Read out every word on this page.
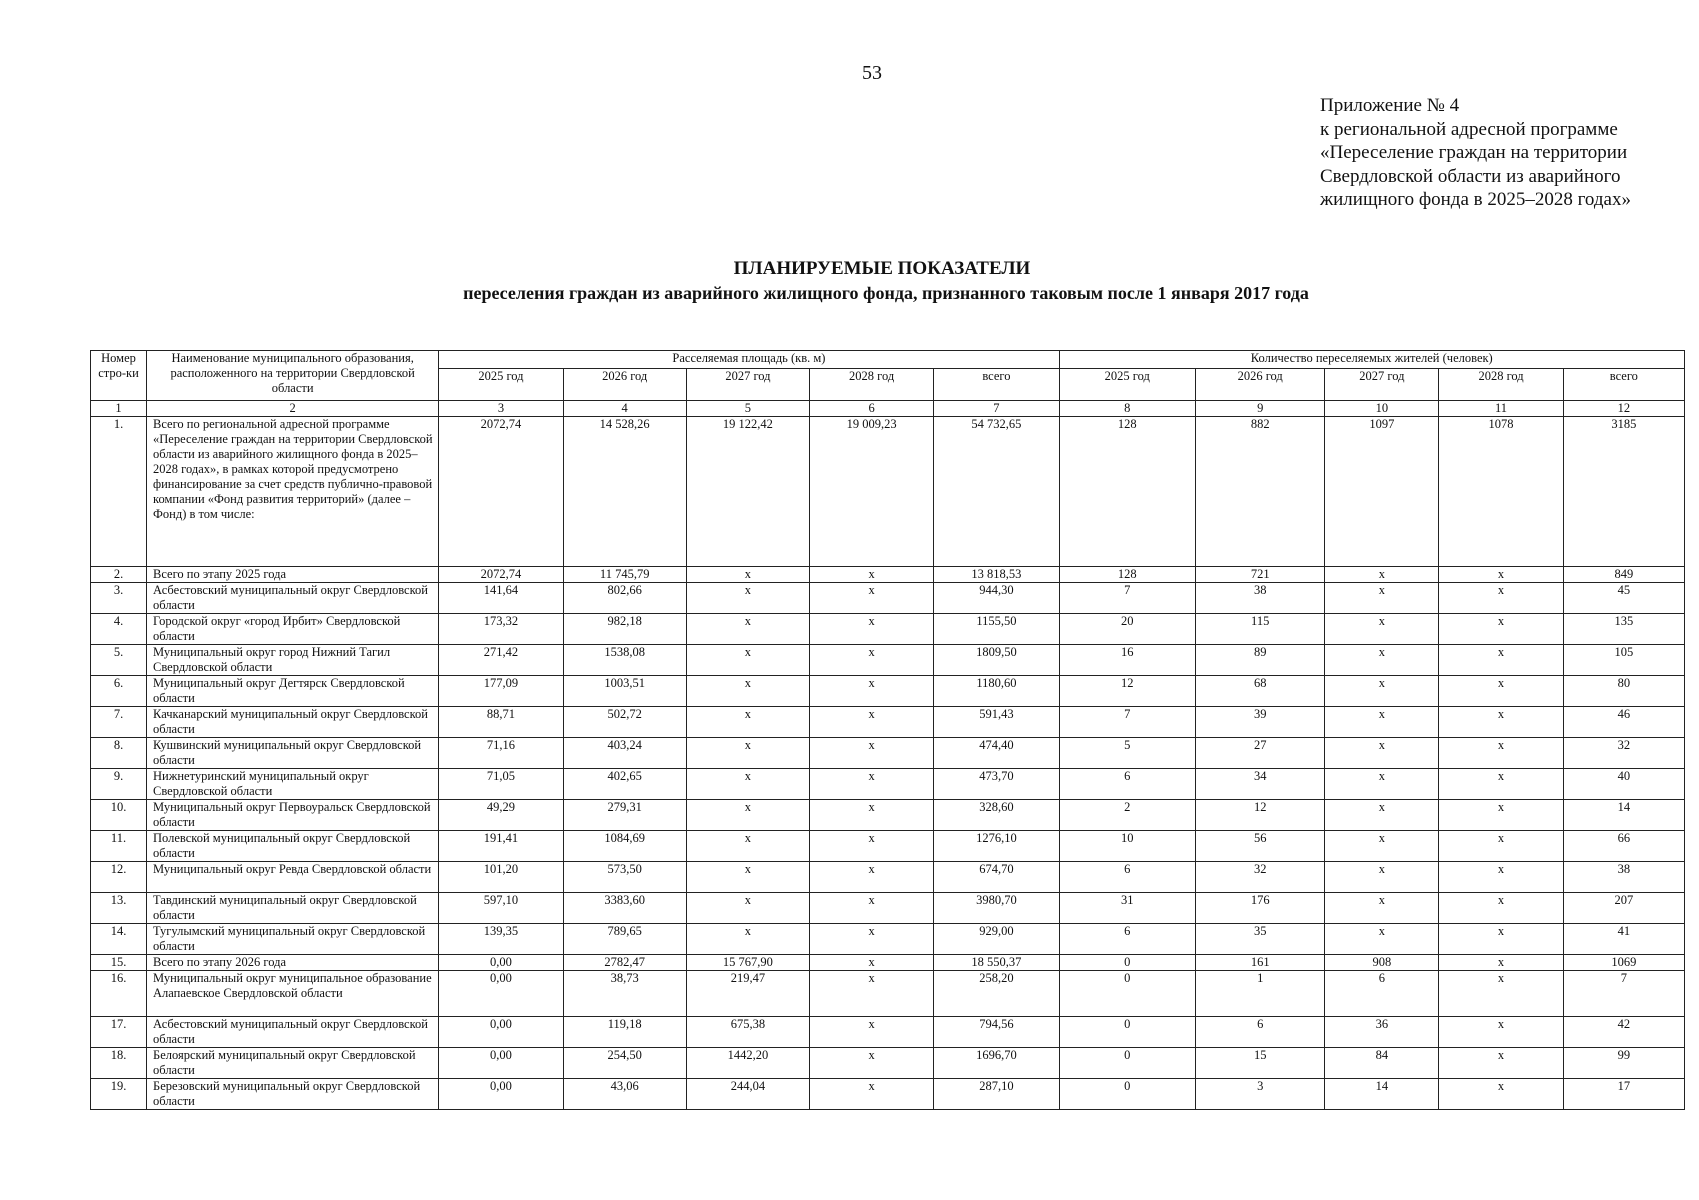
53
Приложение № 4
к региональной адресной программе
«Переселение граждан на территории
Свердловской области из аварийного
жилищного фонда в 2025–2028 годах»
ПЛАНИРУЕМЫЕ ПОКАЗАТЕЛИ
переселения граждан из аварийного жилищного фонда, признанного таковым после 1 января 2017 года
Номер стро-ки	Наименование муниципального образования, расположенного на территории Свердловской области	Расселяемая площадь (кв. м)					Количество переселяемых жителей (человек)				
		2025 год	2026 год	2027 год	2028 год	всего	2025 год	2026 год	2027 год	2028 год	всего
1	2	3	4	5	6	7	8	9	10	11	12
1.	Всего по региональной адресной программе «Переселение граждан на территории Свердловской области из аварийного жилищного фонда в 2025–2028 годах», в рамках которой предусмотрено финансирование за счет средств публично-правовой компании «Фонд развития территорий» (далее – Фонд) в том числе:	2072,74	14 528,26	19 122,42	19 009,23	54 732,65	128	882	1097	1078	3185
2.	Всего по этапу 2025 года	2072,74	11 745,79	x	x	13 818,53	128	721	x	x	849
3.	Асбестовский муниципальный округ Свердловской области	141,64	802,66	x	x	944,30	7	38	x	x	45
4.	Городской округ «город Ирбит» Свердловской области	173,32	982,18	x	x	1155,50	20	115	x	x	135
5.	Муниципальный округ город Нижний Тагил Свердловской области	271,42	1538,08	x	x	1809,50	16	89	x	x	105
6.	Муниципальный округ Дегтярск Свердловской области	177,09	1003,51	x	x	1180,60	12	68	x	x	80
7.	Качканарский муниципальный округ Свердловской области	88,71	502,72	x	x	591,43	7	39	x	x	46
8.	Кушвинский муниципальный округ Свердловской области	71,16	403,24	x	x	474,40	5	27	x	x	32
9.	Нижнетуринский муниципальный округ Свердловской области	71,05	402,65	x	x	473,70	6	34	x	x	40
10.	Муниципальный округ Первоуральск Свердловской области	49,29	279,31	x	x	328,60	2	12	x	x	14
11.	Полевской муниципальный округ Свердловской области	191,41	1084,69	x	x	1276,10	10	56	x	x	66
12.	Муниципальный округ Ревда Свердловской области	101,20	573,50	x	x	674,70	6	32	x	x	38
13.	Тавдинский муниципальный округ Свердловской области	597,10	3383,60	x	x	3980,70	31	176	x	x	207
14.	Тугулымский муниципальный округ Свердловской области	139,35	789,65	x	x	929,00	6	35	x	x	41
15.	Всего по этапу 2026 года	0,00	2782,47	15 767,90	x	18 550,37	0	161	908	x	1069
16.	Муниципальный округ муниципальное образование Алапаевское Свердловской области	0,00	38,73	219,47	x	258,20	0	1	6	x	7
17.	Асбестовский муниципальный округ Свердловской области	0,00	119,18	675,38	x	794,56	0	6	36	x	42
18.	Белоярский муниципальный округ Свердловской области	0,00	254,50	1442,20	x	1696,70	0	15	84	x	99
19.	Березовский муниципальный округ Свердловской области	0,00	43,06	244,04	x	287,10	0	3	14	x	17
